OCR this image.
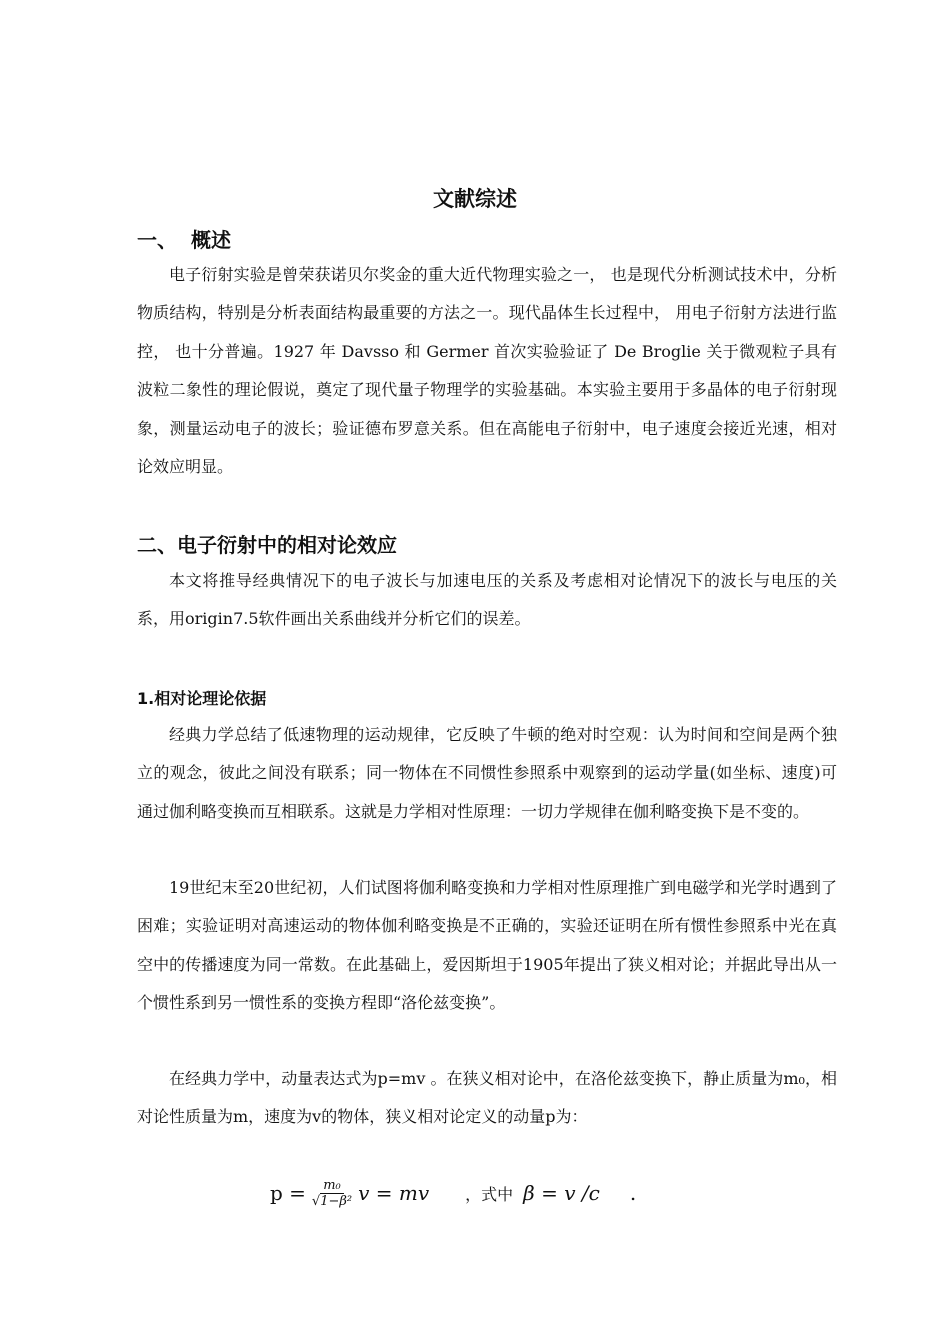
文献综述
一、 概述

电子衍射实验是曾荣获诺贝尔奖金的重大近代物理实验之一， 也是现代分析测试技术中，分析物质结构，特别是分析表面结构最重要的方法之一。现代晶体生长过程中， 用电子衍射方法进行监控， 也十分普遍。1927 年 Davsso 和 Germer 首次实验验证了 De Broglie 关于微观粒子具有波粒二象性的理论假说，奠定了现代量子物理学的实验基础。本实验主要用于多晶体的电子衍射现象，测量运动电子的波长；验证德布罗意关系。但在高能电子衍射中，电子速度会接近光速，相对论效应明显。

二、电子衍射中的相对论效应

本文将推导经典情况下的电子波长与加速电压的关系及考虑相对论情况下的波长与电压的关系，用origin7.5软件画出关系曲线并分析它们的误差。

1.相对论理论依据

经典力学总结了低速物理的运动规律，它反映了牛顿的绝对时空观：认为时间和空间是两个独立的观念，彼此之间没有联系；同一物体在不同惯性参照系中观察到的运动学量(如坐标、速度)可通过伽利略变换而互相联系。这就是力学相对性原理：一切力学规律在伽利略变换下是不变的。

19世纪末至20世纪初，人们试图将伽利略变换和力学相对性原理推广到电磁学和光学时遇到了困难；实验证明对高速运动的物体伽利略变换是不正确的，实验还证明在所有惯性参照系中光在真空中的传播速度为同一常数。在此基础上，爱因斯坦于1905年提出了狭义相对论；并据此导出从一个惯性系到另一惯性系的变换方程即“洛伦兹变换”。

在经典力学中，动量表达式为p=mv 。在狭义相对论中，在洛伦兹变换下，静止质量为m₀，相对论性质量为m，速度为v的物体，狭义相对论定义的动量p为：

$p = \frac{\text{m₀}}{\text{√1−β²}}$ v = mv ，式中 β = v ∕c .
